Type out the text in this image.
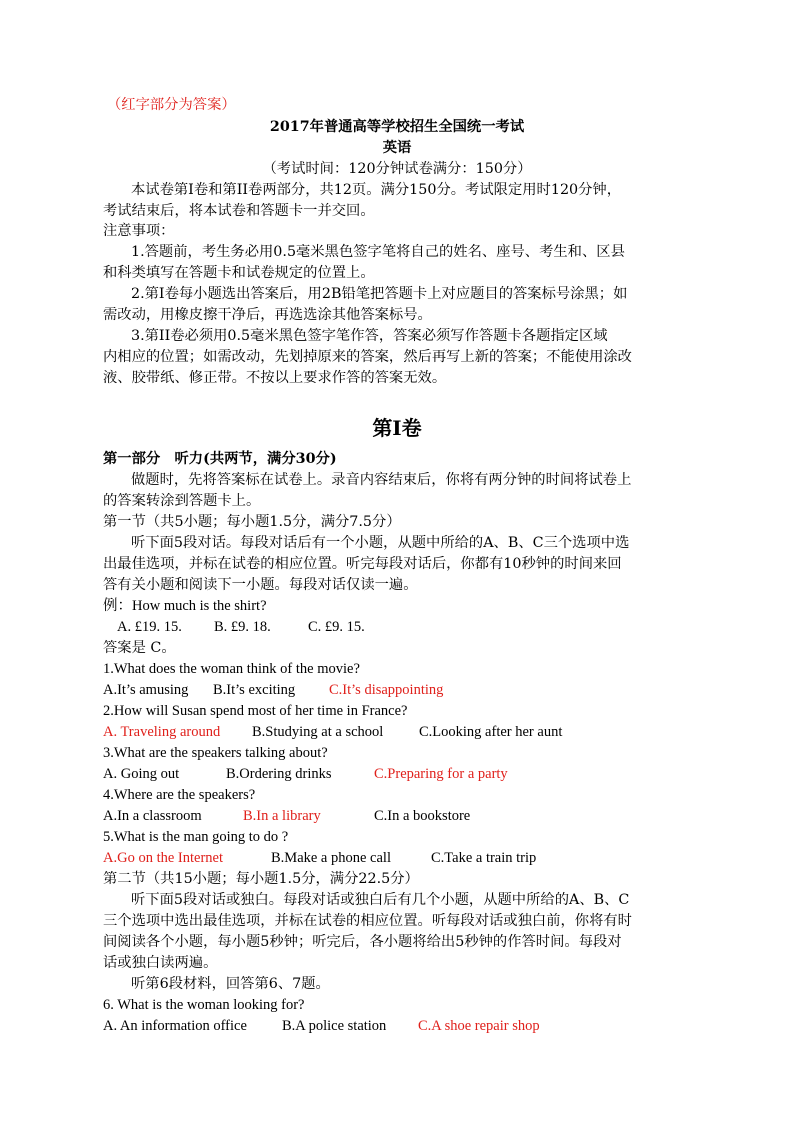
（红字部分为答案）
2017年普通高等学校招生全国统一考试
英语
（考试时间：120分钟试卷满分：150分）
本试卷第Ⅰ卷和第II卷两部分，共12页。满分150分。考试限定用时120分钟，
考试结束后，将本试卷和答题卡一并交回。
注意事项：
1.答题前，考生务必用0.5毫米黑色签字笔将自己的姓名、座号、考生和、区县
和科类填写在答题卡和试卷规定的位置上。
2.第Ⅰ卷每小题选出答案后，用2B铅笔把答题卡上对应题目的答案标号涂黑；如
需改动，用橡皮擦干净后，再选选涂其他答案标号。
3.第II卷必须用0.5毫米黑色签字笔作答，答案必须写作答题卡各题指定区域
内相应的位置；如需改动，先划掉原来的答案，然后再写上新的答案；不能使用涂改
液、胶带纸、修正带。不按以上要求作答的答案无效。
第Ⅰ卷
第一部分　听力(共两节，满分30分)
做题时，先将答案标在试卷上。录音内容结束后，你将有两分钟的时间将试卷上
的答案转涂到答题卡上。
第一节（共5小题；每小题1.5分，满分7.5分）
听下面5段对话。每段对话后有一个小题，从题中所给的A、B、C三个选项中选
出最佳选项，并标在试卷的相应位置。听完每段对话后，你都有10秒钟的时间来回
答有关小题和阅读下一小题。每段对话仅读一遍。
例：How much is the shirt?
A. £19. 15. B. £9. 18.	C. £9. 15.
答案是 C。
1.What does the woman think of the movie?
A.It’s amusing B.It’s exciting C.It’s disappointing
2.How will Susan spend most of her time in France?
A. Traveling around B.Studying at a school C.Looking after her aunt
3.What are the speakers talking about?
A. Going out	B.Ordering drinks	C.Preparing for a party
4.Where are the speakers?
A.In a classroom	B.In a library	C.In a bookstore
5.What is the man going to do ?
A.Go on the Internet	B.Make a phone call	C.Take a train trip
第二节（共15小题；每小题1.5分，满分22.5分）
听下面5段对话或独白。每段对话或独白后有几个小题，从题中所给的A、B、C
三个选项中选出最佳选项，并标在试卷的相应位置。听每段对话或独白前，你将有时
间阅读各个小题，每小题5秒钟；听完后，各小题将给出5秒钟的作答时间。每段对
话或独白读两遍。
听第6段材料，回答第6、7题。
6. What is the woman looking for?
A. An information office B.A police station C.A shoe repair shop
